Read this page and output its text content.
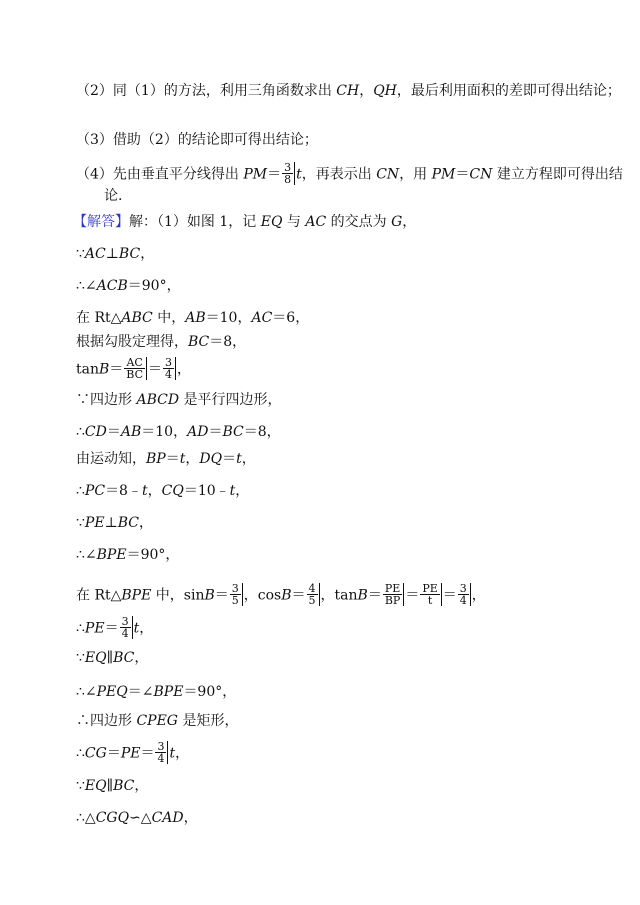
（2）同（1）的方法，利用三角函数求出 CH，QH，最后利用面积的差即可得出结论；
（3）借助（2）的结论即可得出结论；
（4）先由垂直平分线得出 $PM= \frac{3}{8}$ t，再表示出 CN，用 PM＝CN 建立方程即可得出结
论.
【解答】解：（1）如图 1，记 EQ 与 AC 的交点为 G，
∵AC⊥BC，
∴∠ACB＝90°，
在 Rt△ABC 中，AB＝10，AC＝6，
根据勾股定理得，BC＝8，
$\tan B= \frac{AC}{BC} = \frac{3}{4}$ ，
∵四边形 ABCD 是平行四边形，
∴CD＝AB＝10，AD＝BC＝8，
由运动知，BP＝t，DQ＝t，
∴PC＝8﹣t，CQ＝10﹣t，
∵PE⊥BC，
∴∠BPE＝90°，
在 Rt△BPE 中，$\sin B= \frac{3}{5}$ ，$\cos B= \frac{4}{5}$ ，$\tan B= \frac{PE}{BP} = \frac{PE}{t} = \frac{3}{4}$ ，
∴PE＝ $\frac{3}{4}$ t，
∵EQ∥BC，
∴∠PEQ＝∠BPE＝90°，
∴四边形 CPEG 是矩形，
∴CG＝PE＝ $\frac{3}{4}$ t，
∵EQ∥BC，
∴△CGQ∽△CAD，
